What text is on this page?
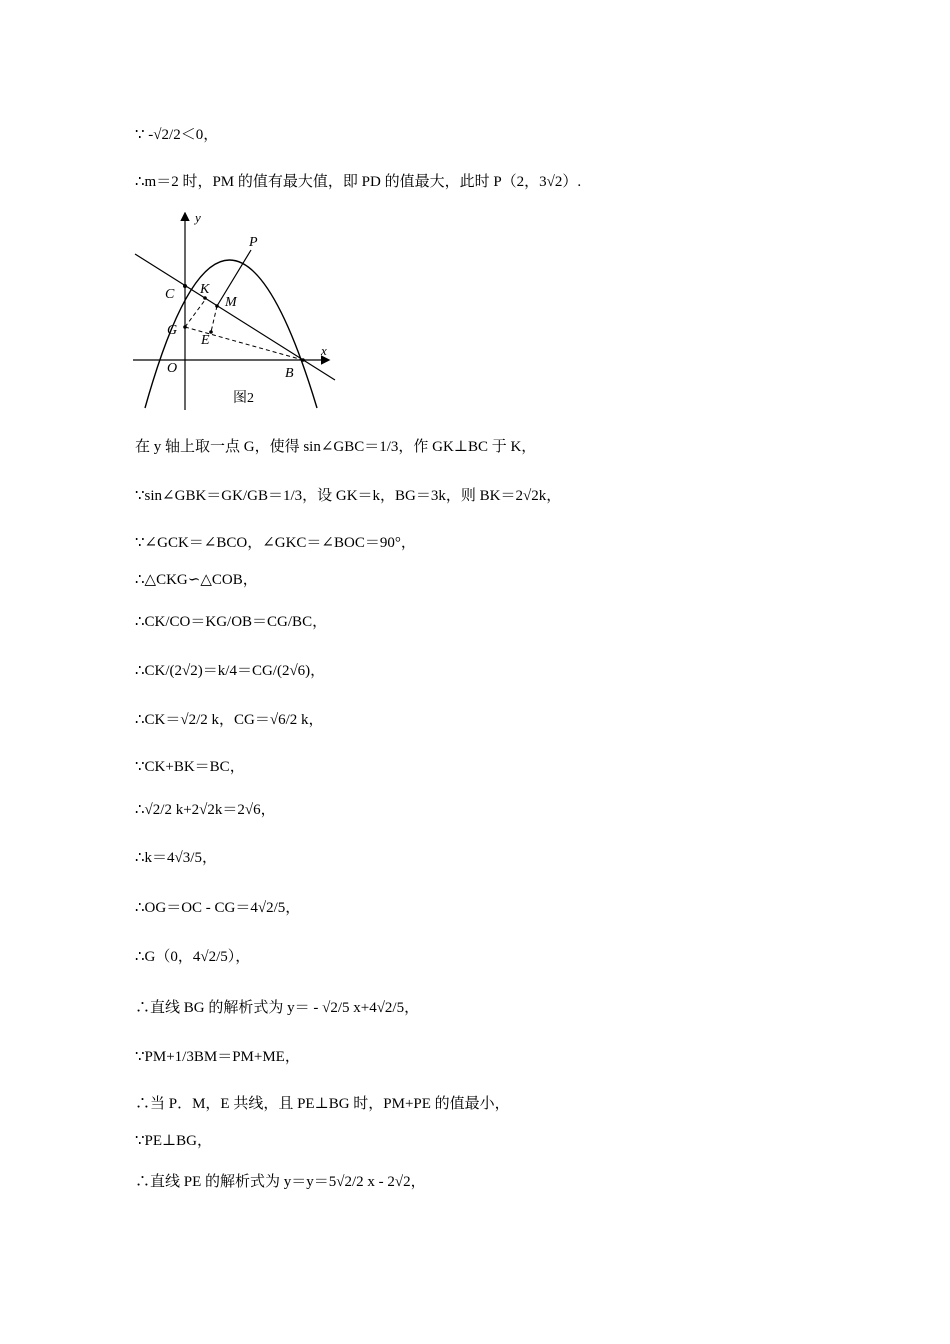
∵ -√2/2＜0，
∴m＝2 时，PM 的值有最大值，即 PD 的值最大，此时 P（2，3√2）.
y
x
P
C K
M
G
E
O	B
图2
在 y 轴上取一点 G，使得 sin∠GBC＝1/3，作 GK⊥BC 于 K，
∵sin∠GBK＝GK/GB＝1/3，设 GK＝k，BG＝3k，则 BK＝2√2k，
∵∠GCK＝∠BCO，∠GKC＝∠BOC＝90°，
∴△CKG∽△COB，
∴CK/CO＝KG/OB＝CG/BC，
∴CK/(2√2)＝k/4＝CG/(2√6)，
∴CK＝√2/2 k，CG＝√6/2 k，
∵CK+BK＝BC，
∴√2/2 k+2√2k＝2√6，
∴k＝4√3/5，
∴OG＝OC - CG＝4√2/5，
∴G（0，4√2/5），
∴直线 BG 的解析式为 y＝ - √2/5 x+4√2/5，
∵PM+1/3BM＝PM+ME，
∴当 P．M，E 共线，且 PE⊥BG 时，PM+PE 的值最小，
∵PE⊥BG，
∴直线 PE 的解析式为 y＝y＝5√2/2 x - 2√2，
